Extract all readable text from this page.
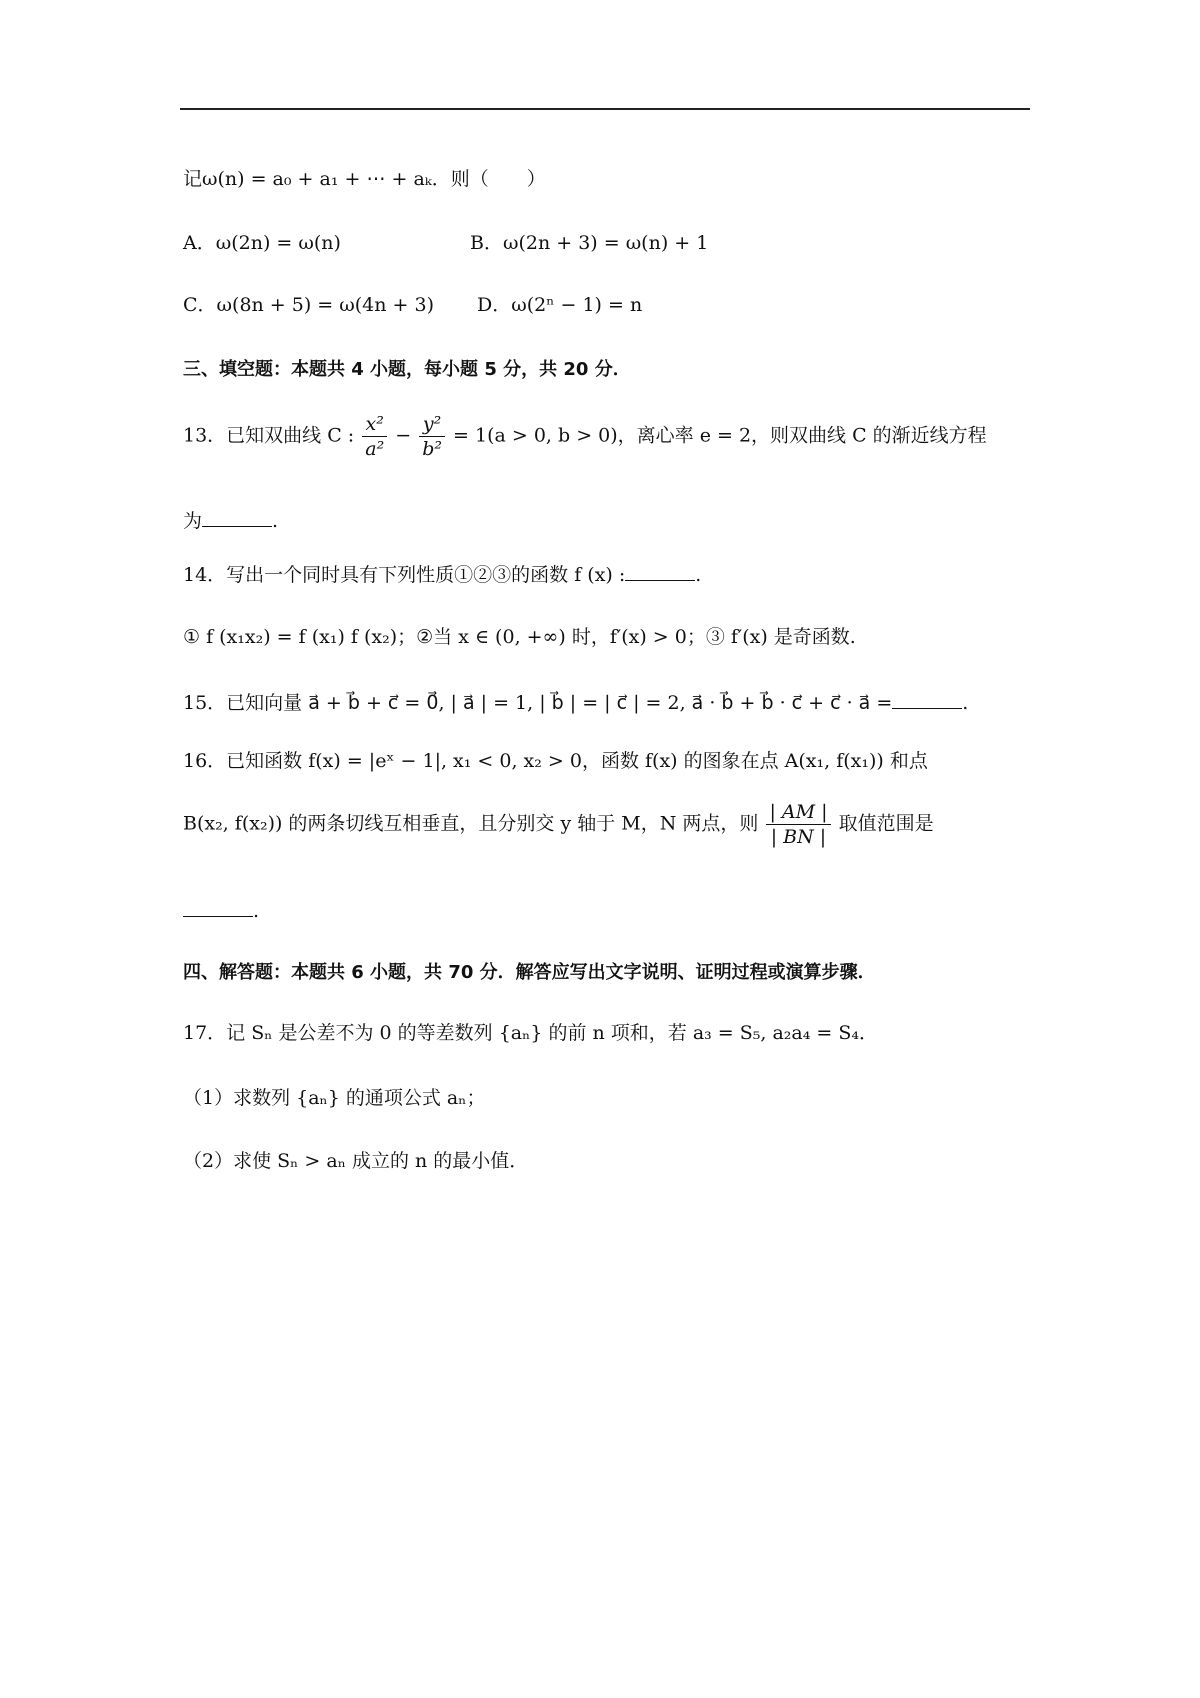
记ω(n) = a₀ + a₁ + ⋯ + aₖ．则（　　）
A．ω(2n) = ω(n)	B．ω(2n + 3) = ω(n) + 1
C．ω(8n + 5) = ω(4n + 3) D．ω(2ⁿ − 1) = n
三、填空题：本题共 4 小题，每小题 5 分，共 20 分．
13．已知双曲线 C : $\frac{\text{x²}}{\text{a²}} - \frac{\text{y²}}{\text{b²}} = 1(a > 0$, b > 0)，离心率 e = 2，则双曲线 C 的渐近线方程
为	.
14．写出一个同时具有下列性质①②③的函数 f (x) :	.
① f (x₁x₂) = f (x₁) f (x₂)；②当 x ∈ (0, +∞) 时，f′(x) > 0；③ f′(x) 是奇函数.
15．已知向量 a⃗ + b⃗ + c⃗ = 0⃗, | a⃗ | = 1, | b⃗ | = | c⃗ | = 2, a⃗ · b⃗ + b⃗ · c⃗ + c⃗ · a⃗ =	.
16．已知函数 f(x) = |eˣ − 1|, x₁ < 0, x₂ > 0，函数 f(x) 的图象在点 A(x₁, f(x₁)) 和点
B(x₂, f(x₂)) 的两条切线互相垂直，且分别交 y 轴于 M，N 两点，则 $\frac{| AM |}{| BN |}$ 取值范围是
.
四、解答题：本题共 6 小题，共 70 分．解答应写出文字说明、证明过程或演算步骤．
17．记 Sₙ 是公差不为 0 的等差数列 {aₙ} 的前 n 项和，若 a₃ = S₅, a₂a₄ = S₄．
（1）求数列 {aₙ} 的通项公式 aₙ；
（2）求使 Sₙ > aₙ 成立的 n 的最小值．
